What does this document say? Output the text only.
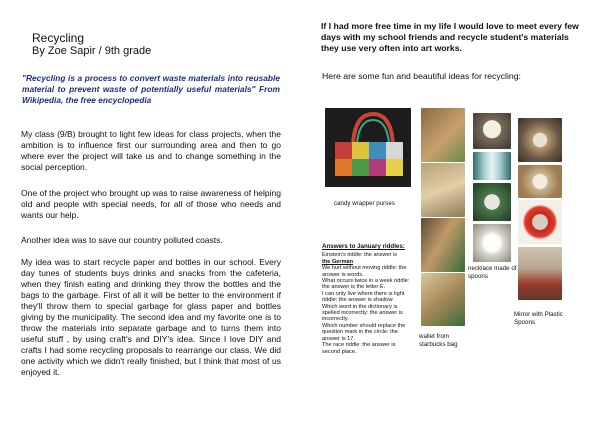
Recycling
By Zoe Sapir / 9th grade
"Recycling is a process to convert waste materials into reusable material to prevent waste of potentially useful materials" From Wikipedia, the free encyclopedia
My class (9/B) brought to light few ideas for class projects, when the ambition is to influence first our surrounding area and then to go where ever the project will take us and to change something in the social perception.
One of the project who brought up was to raise awareness of helping old and people with special needs, for all of those who needs and wants our help.
Another idea was to save our country polluted coasts.
My idea was to start recycle paper and bottles in our school. Every day tunes of students buys drinks and snacks from the cafeteria, when they finish eating and drinking they throw the bottles and the bags to the garbage. First of all it will be better to the environment if they'll throw them to special garbage for glass paper and bottles giving by the municipality. The second idea and my favorite one is to throw the materials into separate garbage and to turns them into useful stuff , by using craft's and DIY's idea. Since I love DIY and crafts I had some recycling proposals to rearrange our class. We did one activity which we didn't really finished, but I think that most of us enjoyed it.
If I had more free time in my life I would love to meet every few days with my school friends and recycle student's materials they use very often into art works.
Here are some fun and beautiful ideas for recycling:
candy wrapper purses
Answers to January riddles:
Einstein's riddle: the answer is
the German
We hurt without moving riddle: the answer is words.
What occurs twice in a week riddle: the answer is the letter E.
I can only live where there is light riddle: the answer is shadow.
Which word in the dictionary is spelled incorrectly: the answer is incorrectly.
Which number should replace the question mark in the circle: the answer is 17.
The race riddle: the answer is second place.
wallet from starbucks bag
necklace made of spoons
Mirror with Plastic Spoons
